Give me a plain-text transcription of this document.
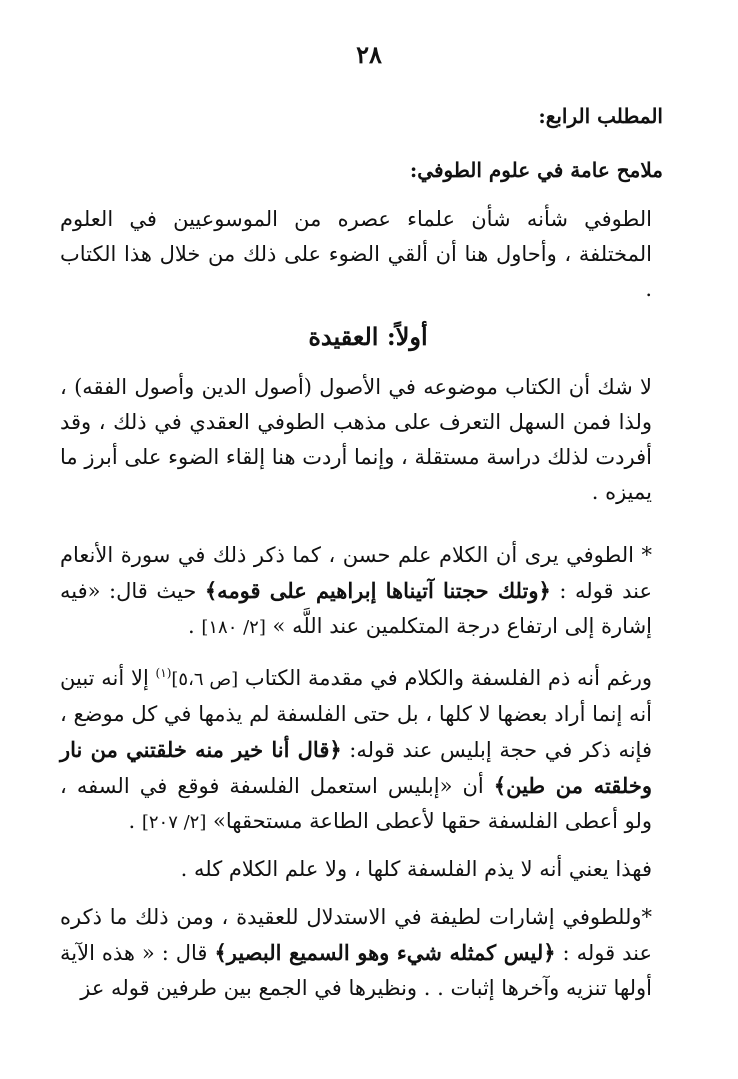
٢٨
المطلب الرابع:
ملامح عامة في علوم الطوفي:
الطوفي شأنه شأن علماء عصره من الموسوعيين في العلوم المختلفة ، وأحاول هنا أن ألقي الضوء على ذلك من خلال هذا الكتاب .
أولاً: العقيدة
لا شك أن الكتاب موضوعه في الأصول (أصول الدين وأصول الفقه) ، ولذا فمن السهل التعرف على مذهب الطوفي العقدي في ذلك ، وقد أفردت لذلك دراسة مستقلة ، وإنما أردت هنا إلقاء الضوء على أبرز ما يميزه .
* الطوفي يرى أن الكلام علم حسن ، كما ذكر ذلك في سورة الأنعام عند قوله : ﴿وتلك حجتنا آتيناها إبراهيم على قومه﴾ حيث قال: «فيه إشارة إلى ارتفاع درجة المتكلمين عند اللَّه » [٢/ ١٨٠] .
ورغم أنه ذم الفلسفة والكلام في مقدمة الكتاب [ص ٥،٦]$^{(١)}$ إلا أنه تبين أنه إنما أراد بعضها لا كلها ، بل حتى الفلسفة لم يذمها في كل موضع ، فإنه ذكر في حجة إبليس عند قوله: ﴿قال أنا خير منه خلقتني من نار وخلقته من طين﴾ أن «إبليس استعمل الفلسفة فوقع في السفه ، ولو أعطى الفلسفة حقها لأعطى الطاعة مستحقها» [٢/ ٢٠٧] .
فهذا يعني أنه لا يذم الفلسفة كلها ، ولا علم الكلام كله .
*وللطوفي إشارات لطيفة في الاستدلال للعقيدة ، ومن ذلك ما ذكره عند قوله : ﴿ليس كمثله شيء وهو السميع البصير﴾ قال : « هذه الآية أولها تنزيه وآخرها إثبات . . ونظيرها في الجمع بين طرفين قوله عز
